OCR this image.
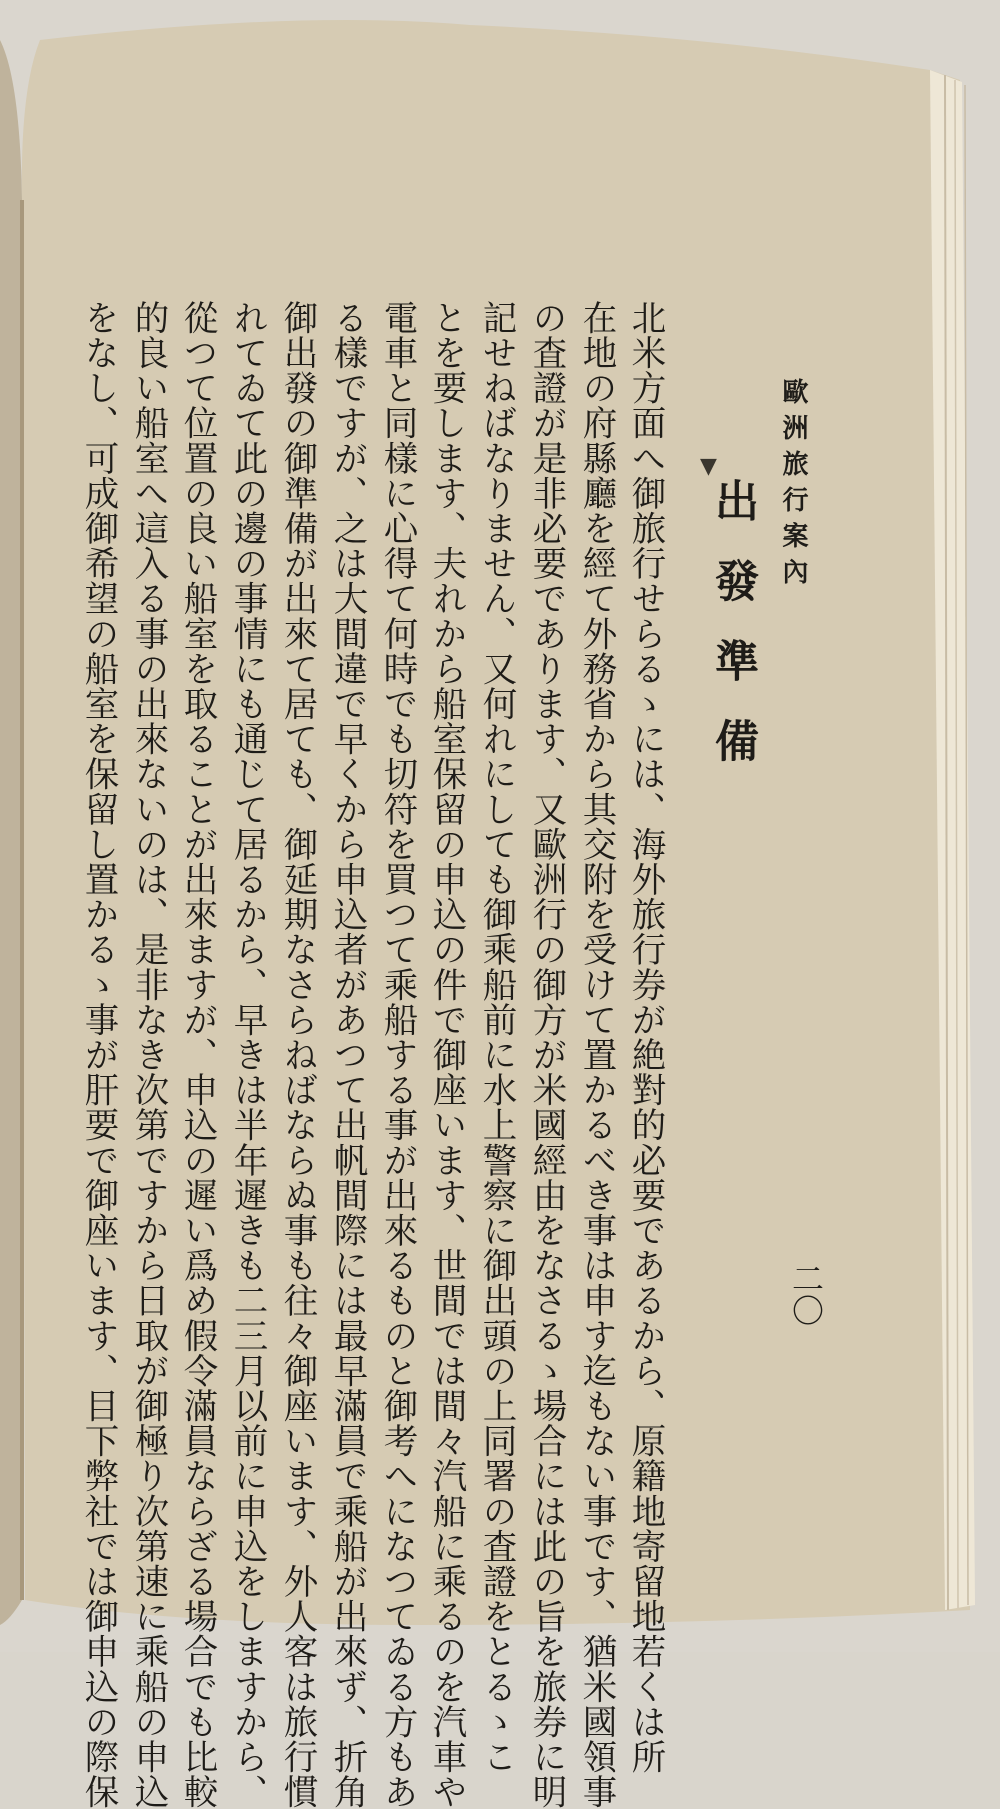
歐洲旅行案內
▼
出發準備
北米方面へ御旅行せらるゝには、海外旅行券が絶對的必要であるから、原籍地寄留地若くは所
在地の府縣廳を經て外務省から其交附を受けて置かるべき事は申す迄もない事です、猶米國領事
の査證が是非必要であります、又歐洲行の御方が米國經由をなさるゝ場合には此の旨を旅券に明
記せねばなりません、又何れにしても御乘船前に水上警察に御出頭の上同署の査證をとるゝこ
とを要します、夫れから船室保留の申込の件で御座います、世間では間々汽船に乘るのを汽車や
電車と同樣に心得て何時でも切符を買つて乘船する事が出來るものと御考へになつてゐる方もあ
る樣ですが、之は大間違で早くから申込者があつて出帆間際には最早滿員で乘船が出來ず、折角
御出發の御準備が出來て居ても、御延期なさらねばならぬ事も往々御座います、外人客は旅行慣
れてゐて此の邊の事情にも通じて居るから、早きは半年遲きも二三月以前に申込をしますから、
從つて位置の良い船室を取ることが出來ますが、申込の遲い爲め假令滿員ならざる場合でも比較
的良い船室へ這入る事の出來ないのは、是非なき次第ですから日取が御極り次第速に乘船の申込
をなし、可成御希望の船室を保留し置かるゝ事が肝要で御座います、目下弊社では御申込の際保	二〇
